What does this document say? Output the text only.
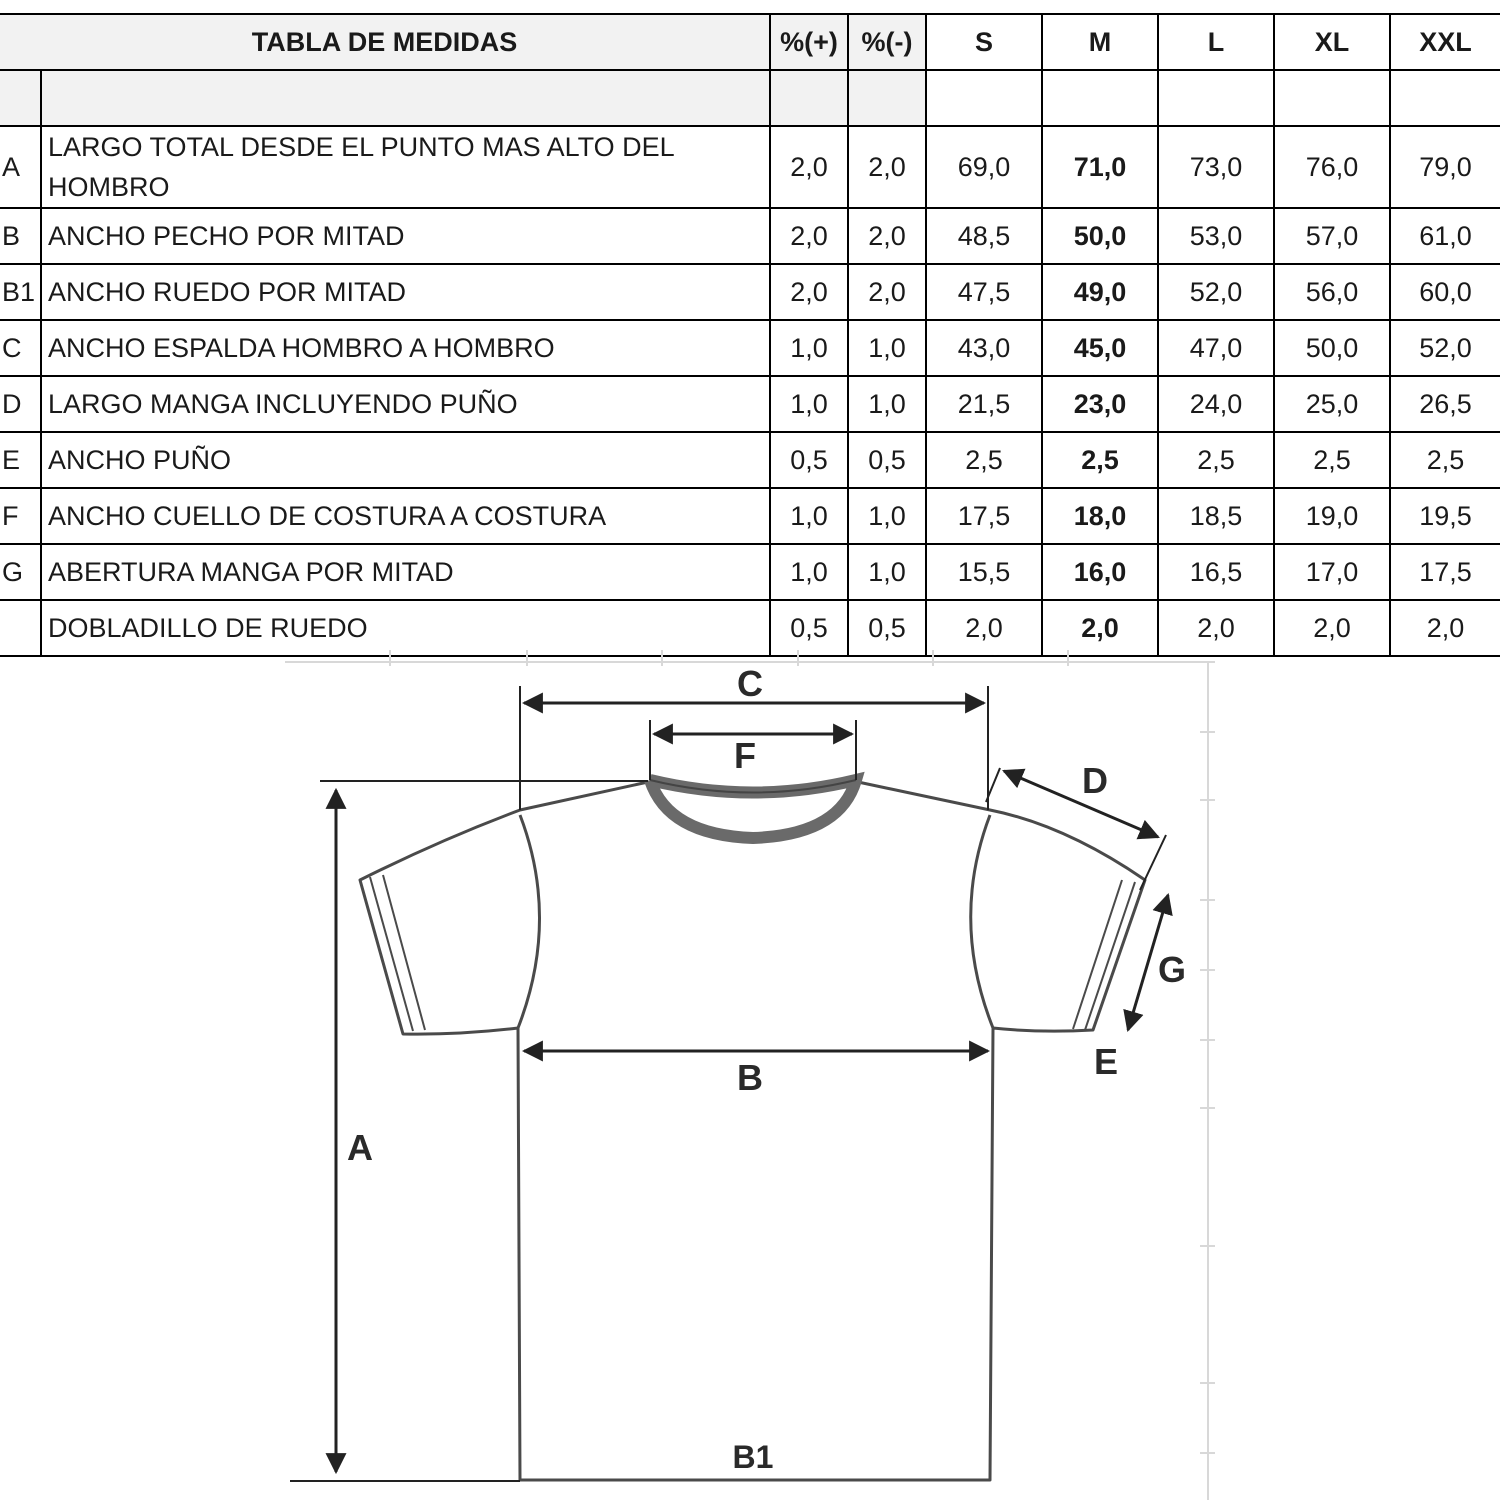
TABLA DE MEDIDAS		%(+)	%(-)	S	M	L	XL	XXL

A	LARGO TOTAL DESDE EL PUNTO MAS ALTO DEL HOMBRO	2,0	2,0	69,0	71,0	73,0	76,0	79,0
B	ANCHO PECHO POR MITAD	2,0	2,0	48,5	50,0	53,0	57,0	61,0
B1	ANCHO RUEDO POR MITAD	2,0	2,0	47,5	49,0	52,0	56,0	60,0
C	ANCHO ESPALDA HOMBRO A HOMBRO	1,0	1,0	43,0	45,0	47,0	50,0	52,0
D	LARGO MANGA INCLUYENDO PUÑO	1,0	1,0	21,5	23,0	24,0	25,0	26,5
E	ANCHO PUÑO	0,5	0,5	2,5	2,5	2,5	2,5	2,5
F	ANCHO CUELLO DE COSTURA A COSTURA	1,0	1,0	17,5	18,0	18,5	19,0	19,5
G	ABERTURA MANGA POR MITAD	1,0	1,0	15,5	16,0	16,5	17,0	17,5
	DOBLADILLO DE RUEDO	0,5	0,5	2,0	2,0	2,0	2,0	2,0
C
F
D
G
E
B
A
B1
